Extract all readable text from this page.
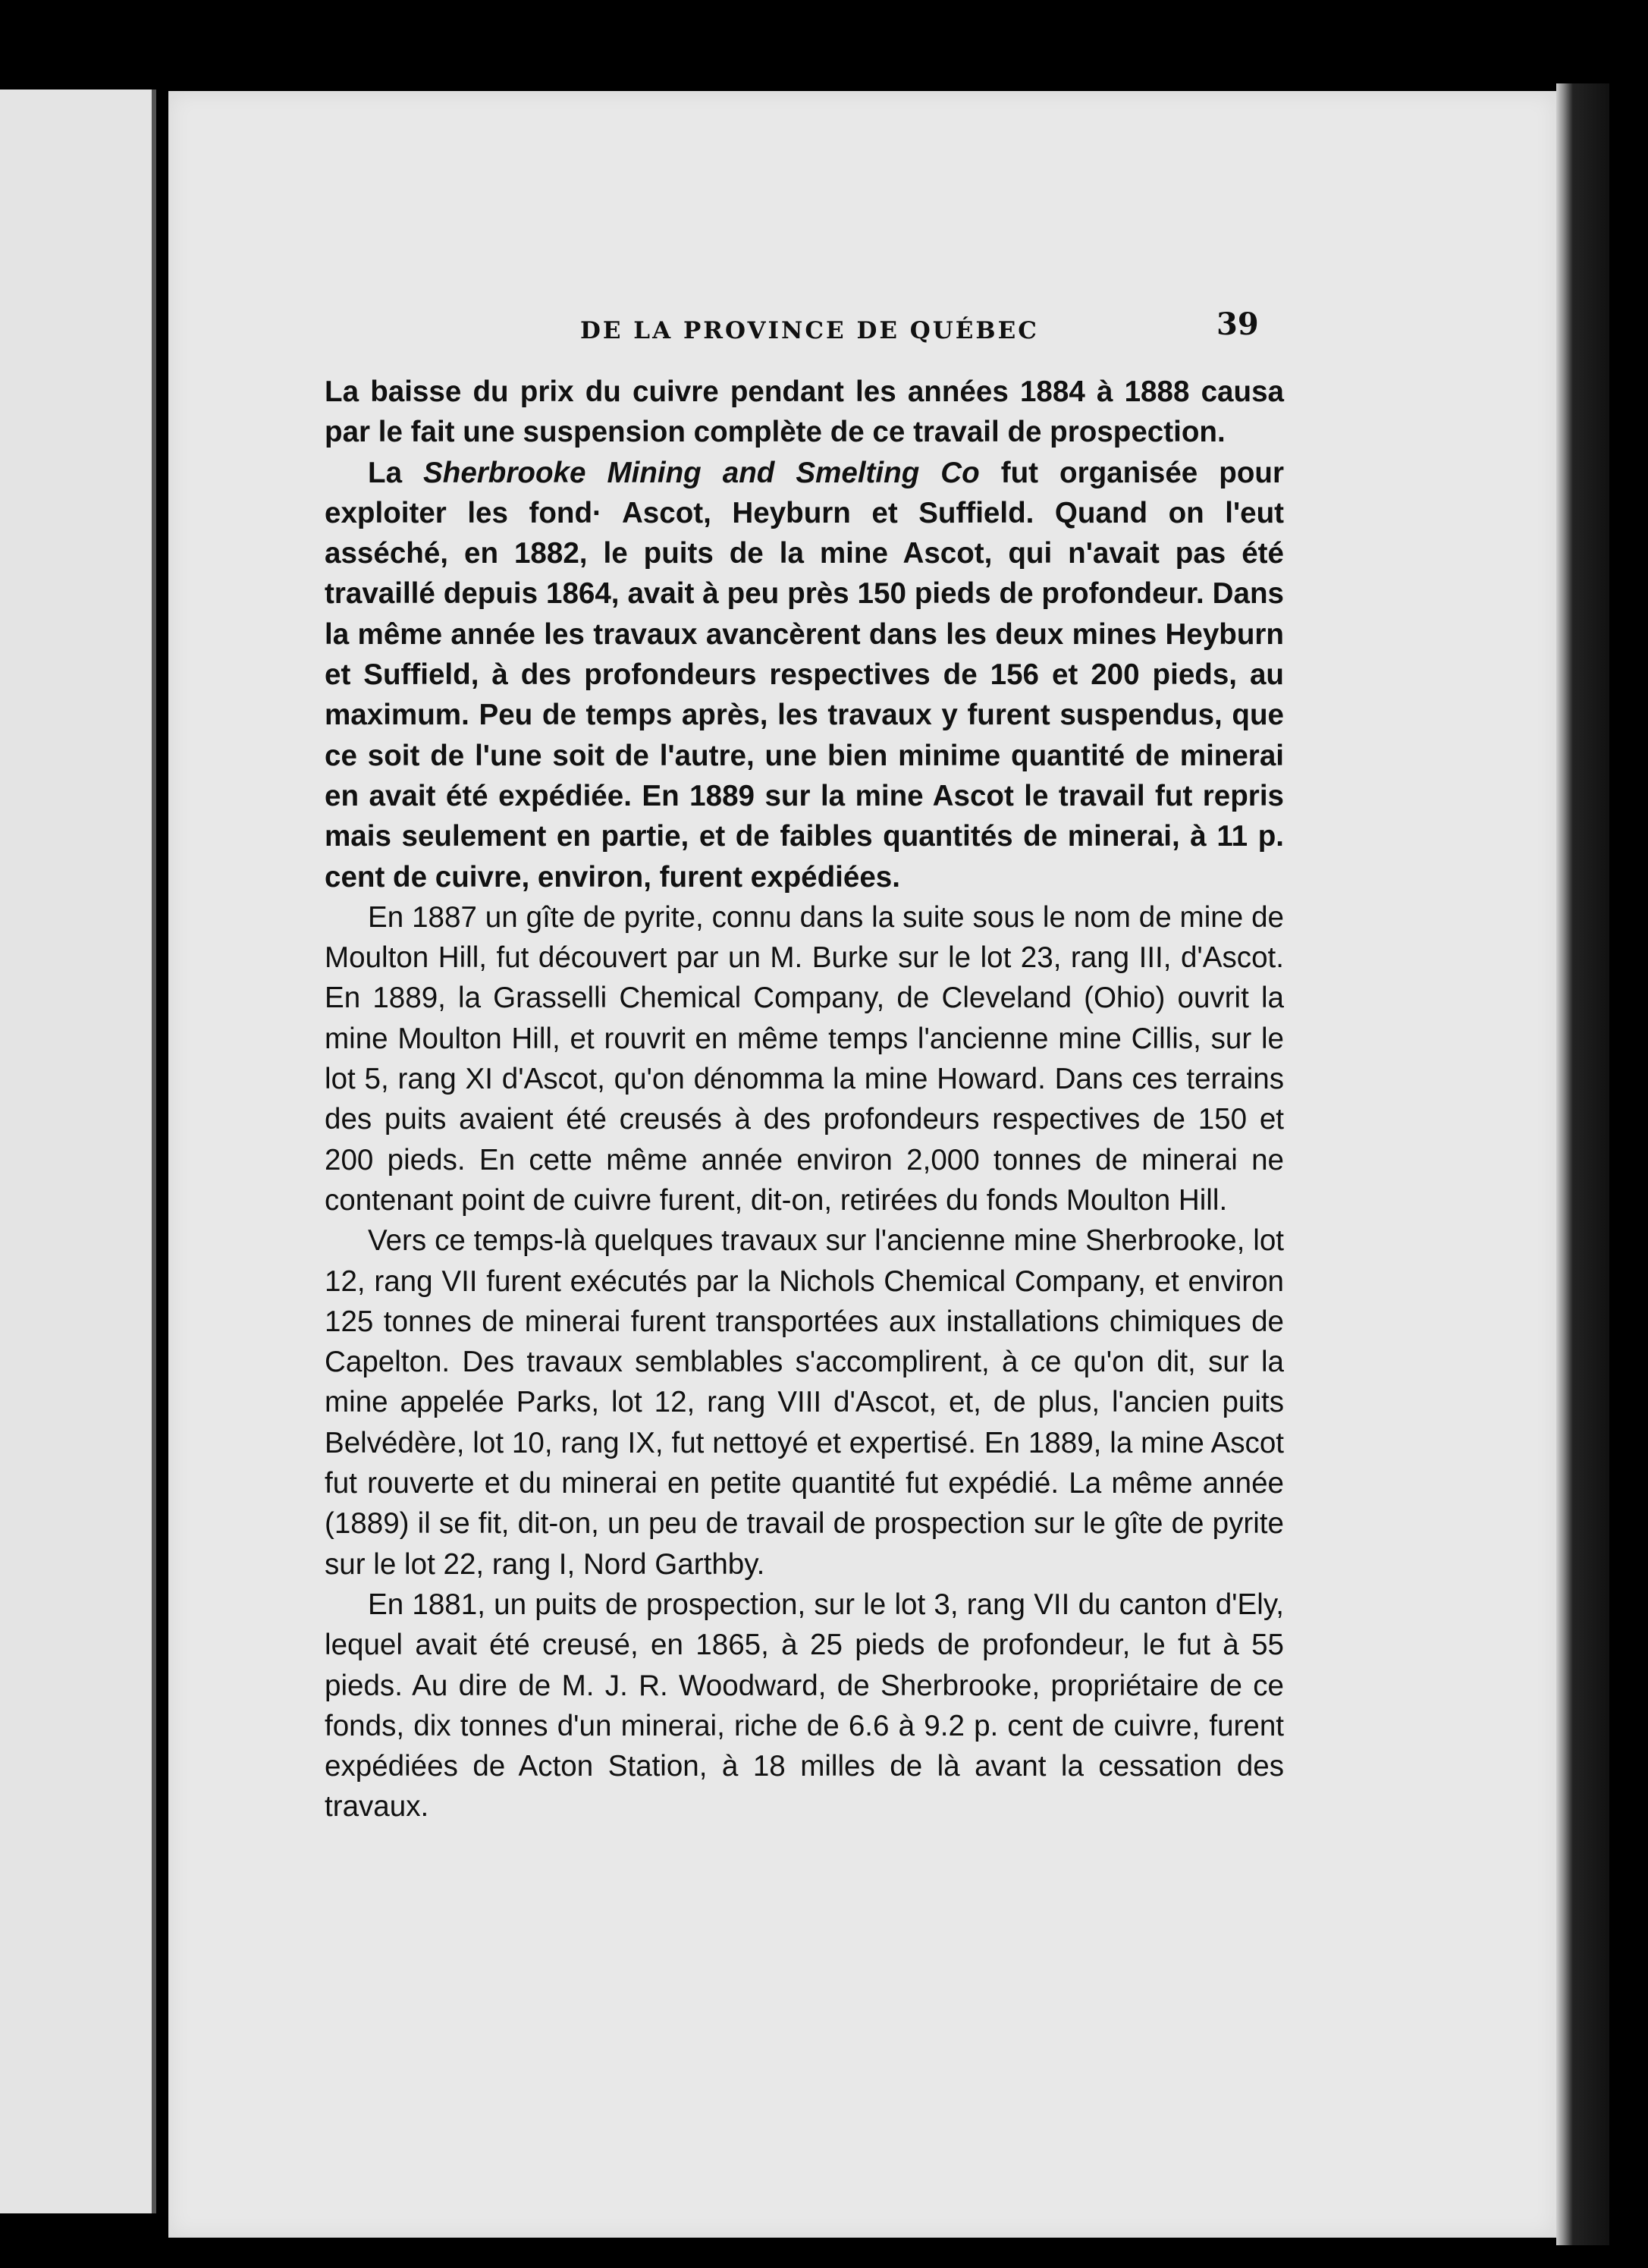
DE LA PROVINCE DE QUÉBEC	39

La baisse du prix du cuivre pendant les années 1884 à 1888 causa par le fait une suspension complète de ce travail de prospection.

La Sherbrooke Mining and Smelting Co fut organisée pour exploiter les fond· Ascot, Heyburn et Suffield. Quand on l'eut asséché, en 1882, le puits de la mine Ascot, qui n'avait pas été travaillé depuis 1864, avait à peu près 150 pieds de profondeur. Dans la même année les travaux avancèrent dans les deux mines Heyburn et Suffield, à des profondeurs respectives de 156 et 200 pieds, au maximum. Peu de temps après, les travaux y furent suspendus, que ce soit de l'une soit de l'autre, une bien minime quantité de minerai en avait été expédiée. En 1889 sur la mine Ascot le travail fut repris mais seulement en partie, et de faibles quantités de minerai, à 11 p. cent de cuivre, environ, furent expédiées.

En 1887 un gîte de pyrite, connu dans la suite sous le nom de mine de Moulton Hill, fut découvert par un M. Burke sur le lot 23, rang III, d'Ascot. En 1889, la Grasselli Chemical Company, de Cleveland (Ohio) ouvrit la mine Moulton Hill, et rouvrit en même temps l'ancienne mine Cillis, sur le lot 5, rang XI d'Ascot, qu'on dénomma la mine Howard. Dans ces terrains des puits avaient été creusés à des profondeurs respectives de 150 et 200 pieds. En cette même année environ 2,000 tonnes de minerai ne contenant point de cuivre furent, dit-on, retirées du fonds Moulton Hill.

Vers ce temps-là quelques travaux sur l'ancienne mine Sherbrooke, lot 12, rang VII furent exécutés par la Nichols Chemical Company, et environ 125 tonnes de minerai furent transportées aux installations chimiques de Capelton. Des travaux semblables s'accomplirent, à ce qu'on dit, sur la mine appelée Parks, lot 12, rang VIII d'Ascot, et, de plus, l'ancien puits Belvédère, lot 10, rang IX, fut nettoyé et expertisé. En 1889, la mine Ascot fut rouverte et du minerai en petite quantité fut expédié. La même année (1889) il se fit, dit-on, un peu de travail de prospection sur le gîte de pyrite sur le lot 22, rang I, Nord Garthby.

En 1881, un puits de prospection, sur le lot 3, rang VII du canton d'Ely, lequel avait été creusé, en 1865, à 25 pieds de profondeur, le fut à 55 pieds. Au dire de M. J. R. Woodward, de Sherbrooke, propriétaire de ce fonds, dix tonnes d'un minerai, riche de 6.6 à 9.2 p. cent de cuivre, furent expédiées de Acton Station, à 18 milles de là avant la cessation des travaux.
